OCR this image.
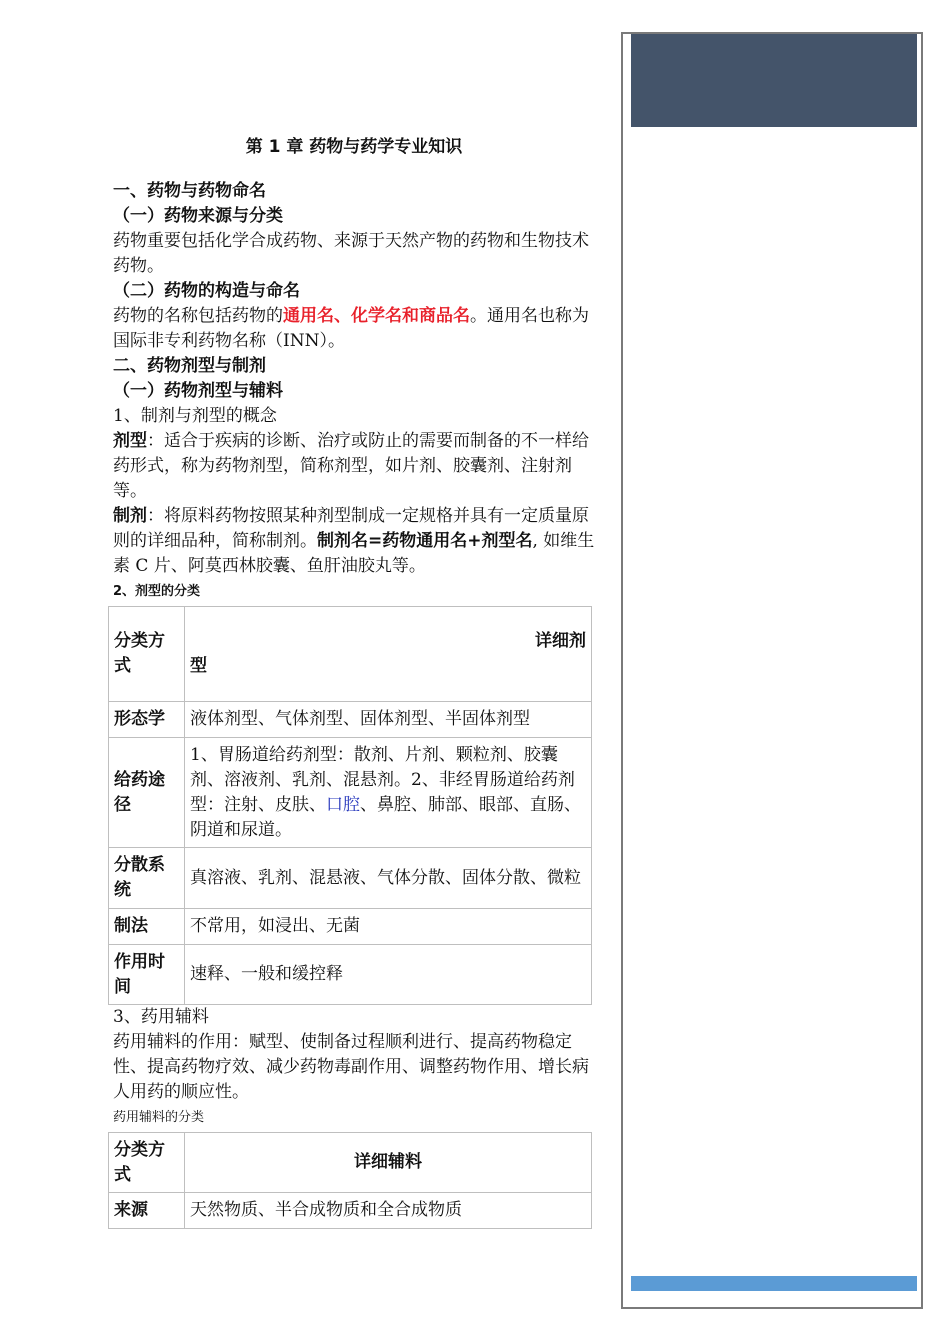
第 1 章 药物与药学专业知识
一、药物与药物命名
（一）药物来源与分类

药物重要包括化学合成药物、来源于天然产物的药物和生物技术药物。

（二）药物的构造与命名

药物的名称包括药物的通用名、化学名和商品名。通用名也称为国际非专利药物名称（INN）。

二、药物剂型与制剂
（一）药物剂型与辅料

1、制剂与剂型的概念

剂型：适合于疾病的诊断、治疗或防止的需要而制备的不一样给药形式，称为药物剂型，简称剂型，如片剂、胶囊剂、注射剂等。

制剂：将原料药物按照某种剂型制成一定规格并具有一定质量原则的详细品种，简称制剂。制剂名=药物通用名+剂型名, 如维生素 C 片、阿莫西林胶囊、鱼肝油胶丸等。

2、剂型的分类

分类方式	详细剂
型

形态学	液体剂型、气体剂型、固体剂型、半固体剂型
给药途径	1、胃肠道给药剂型：散剂、片剂、颗粒剂、胶囊剂、溶液剂、乳剂、混悬剂。2、非经胃肠道给药剂型：注射、皮肤、口腔、鼻腔、肺部、眼部、直肠、阴道和尿道。
分散系统	真溶液、乳剂、混悬液、气体分散、固体分散、微粒
制法	不常用，如浸出、无菌
作用时间	速释、一般和缓控释

3、药用辅料

药用辅料的作用：赋型、使制备过程顺利进行、提高药物稳定性、提高药物疗效、减少药物毒副作用、调整药物作用、增长病人用药的顺应性。

药用辅料的分类

分类方式	详细辅料
来源	天然物质、半合成物质和全合成物质
